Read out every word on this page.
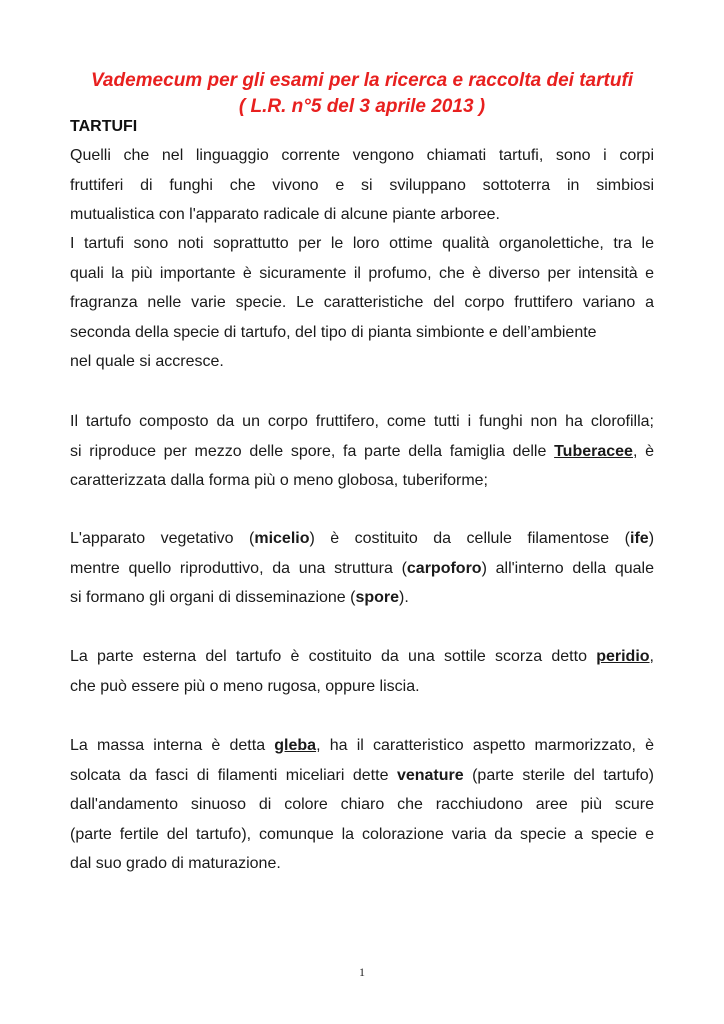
Vademecum per gli esami per la ricerca e raccolta dei tartufi
( L.R. n°5 del 3 aprile 2013 )
TARTUFI

Quelli che nel linguaggio corrente vengono chiamati tartufi, sono i corpi
fruttiferi di funghi che vivono e si sviluppano sottoterra in simbiosi
mutualistica con l'apparato radicale di alcune piante arboree.

I tartufi sono noti soprattutto per le loro ottime qualità organolettiche, tra le
quali la più importante è sicuramente il profumo, che è diverso per intensità e
fragranza nelle varie specie. Le caratteristiche del corpo fruttifero variano a
seconda della specie di tartufo, del tipo di pianta simbionte e dell’ambiente
nel quale si accresce.

Il tartufo composto da un corpo fruttifero, come tutti i funghi non ha clorofilla;
si riproduce per mezzo delle spore, fa parte della famiglia delle Tuberacee, è
caratterizzata dalla forma più o meno globosa, tuberiforme;

L'apparato vegetativo (micelio) è costituito da cellule filamentose (ife)
mentre quello riproduttivo, da una struttura (carpoforo) all'interno della quale
si formano gli organi di disseminazione (spore).

La parte esterna del tartufo è costituito da una sottile scorza detto peridio,
che può essere più o meno rugosa, oppure liscia.

La massa interna è detta gleba, ha il caratteristico aspetto marmorizzato, è
solcata da fasci di filamenti miceliari dette venature (parte sterile del tartufo)
dall'andamento sinuoso di colore chiaro che racchiudono aree più scure
(parte fertile del tartufo), comunque la colorazione varia da specie a specie e
dal suo grado di maturazione.

1
